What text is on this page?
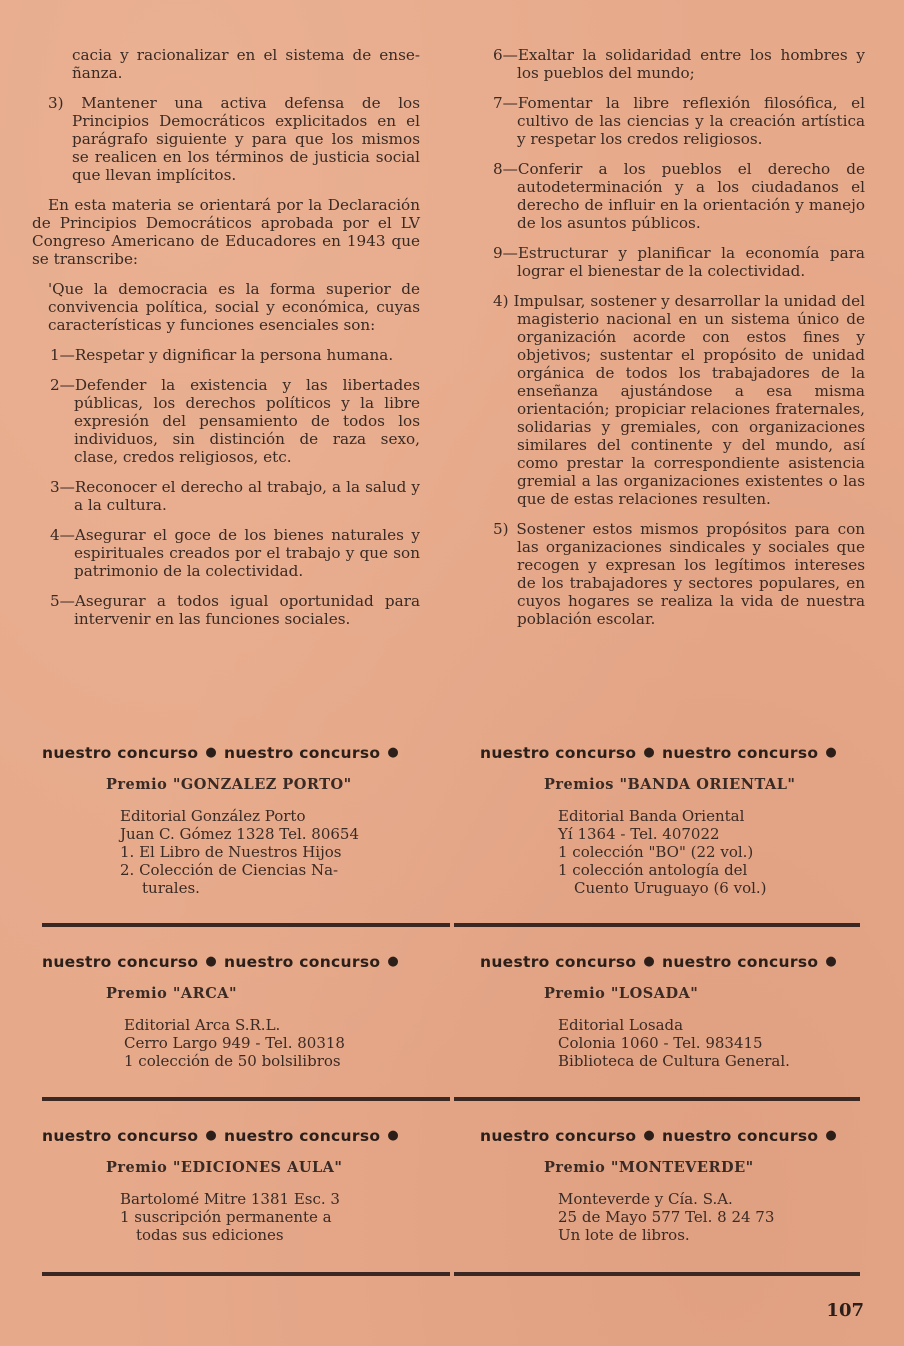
cacia y racionalizar en el sistema de ense- ñanza.
3) Mantener una activa defensa de los Principios Democráticos explicitados en el parágrafo siguiente y para que los mismos se realicen en los términos de justicia social que llevan implícitos.
En esta materia se orientará por la Declaración de Principios Democráticos aprobada por el LV Congreso Americano de Educadores en 1943 que se transcribe:
'Que la democracia es la forma superior de convivencia política, social y económica, cuyas características y funciones esenciales son:
1—Respetar y dignificar la persona humana.
2—Defender la existencia y las libertades públicas, los derechos políticos y la libre expresión del pensamiento de todos los individuos, sin distinción de raza sexo, clase, credos religiosos, etc.
3—Reconocer el derecho al trabajo, a la salud y a la cultura.
4—Asegurar el goce de los bienes naturales y espirituales creados por el trabajo y que son patrimonio de la colectividad.
5—Asegurar a todos igual oportunidad para intervenir en las funciones sociales.
6—Exaltar la solidaridad entre los hombres y los pueblos del mundo;
7—Fomentar la libre reflexión filosófica, el cultivo de las ciencias y la creación artística y respetar los credos religiosos.
8—Conferir a los pueblos el derecho de autodeterminación y a los ciudadanos el derecho de influir en la orientación y manejo de los asuntos públicos.
9—Estructurar y planificar la economía para lograr el bienestar de la colectividad.
4) Impulsar, sostener y desarrollar la unidad del magisterio nacional en un sistema único de organización acorde con estos fines y objetivos; sustentar el propósito de unidad orgánica de todos los trabajadores de la enseñanza ajustándose a esa misma orientación; propiciar relaciones fraternales, solidarias y gremiales, con organizaciones similares del continente y del mundo, así como prestar la correspondiente asistencia gremial a las organizaciones existentes o las que de estas relaciones resulten.
5) Sostener estos mismos propósitos para con las organizaciones sindicales y sociales que recogen y expresan los legítimos intereses de los trabajadores y sectores populares, en cuyos hogares se realiza la vida de nuestra población escolar.
nuestro concurso ● nuestro concurso ●
Premio "GONZALEZ PORTO"
Editorial González Porto
Juan C. Gómez 1328 Tel. 80654
1. El Libro de Nuestros Hijos
2. Colección de Ciencias Na-
turales.
nuestro concurso ● nuestro concurso ●
Premios "BANDA ORIENTAL"
Editorial Banda Oriental
Yí 1364 - Tel. 407022
1 colección "BO" (22 vol.)
1 colección antología del
Cuento Uruguayo (6 vol.)
nuestro concurso ● nuestro concurso ●
Premio "ARCA"
Editorial Arca S.R.L.
Cerro Largo 949 - Tel. 80318
1 colección de 50 bolsilibros
nuestro concurso ● nuestro concurso ●
Premio "LOSADA"
Editorial Losada
Colonia 1060 - Tel. 983415
Biblioteca de Cultura General.
nuestro concurso ● nuestro concurso ●
Premio "EDICIONES AULA"
Bartolomé Mitre 1381 Esc. 3
1 suscripción permanente a
todas sus ediciones
nuestro concurso ● nuestro concurso ●
Premio "MONTEVERDE"
Monteverde y Cía. S.A.
25 de Mayo 577 Tel. 8 24 73
Un lote de libros.
107
